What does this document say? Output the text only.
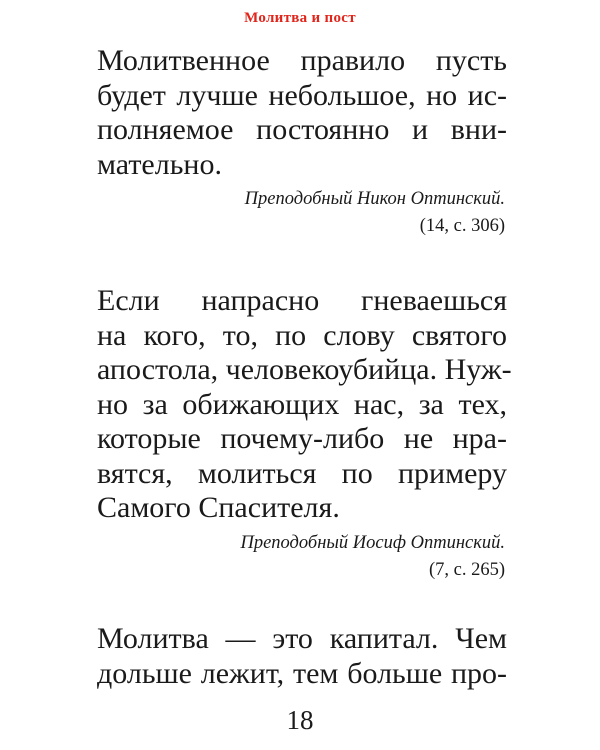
Молитва и пост
Молитвенное правило пусть
будет лучше небольшое, но ис-
полняемое постоянно и вни-
мательно.
Преподобный Никон Оптинский.
(14, с. 306)
Если напрасно гневаешься
на кого, то, по слову святого
апостола, человекоубийца. Нуж-
но за обижающих нас, за тех,
которые почему-либо не нра-
вятся, молиться по примеру
Самого Спасителя.
Преподобный Иосиф Оптинский.
(7, с. 265)
Молитва — это капитал. Чем
дольше лежит, тем больше про-
18
